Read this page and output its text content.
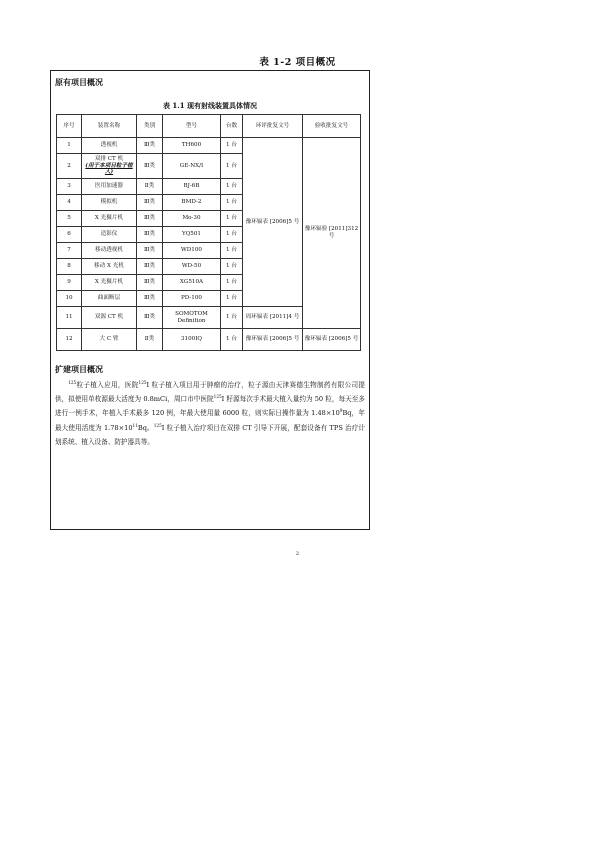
表 1-2 项目概况
原有项目概况
表 1.1 现有射线装置具体情况
序号	装置名称	类别	型号	台数	环评批复文号	验收批复文号
1	透视机	Ⅲ类	TH600	1 台	豫环辐表 [2006]5 号	豫环辐验 [2011]312 号
2	双排 CT 机
(用于本项目粒子植入)	Ⅲ类	GE-NX/I	1 台		
3	医用加速器	Ⅱ类	BJ-6B	1 台		
4	模拟机	Ⅲ类	BMD-2	1 台		
5	X 光摄片机	Ⅲ类	Mo-30	1 台		
6	造影仪	Ⅲ类	YQ501	1 台		
7	移动透视机	Ⅲ类	WD100	1 台		
8	移动 X 光机	Ⅲ类	WD-50	1 台		
9	X 光摄片机	Ⅲ类	XG510A	1 台		
10	曲面断层	Ⅲ类	PD-100	1 台		
11	双源 CT 机	Ⅲ类	SOMOTOM Definition	1 台	周环辐表 [2011]4 号	
12	大 C 臂	Ⅱ类	3100IQ	1 台	豫环辐表 [2006]5 号	豫环辐表 [2006]5 号
扩建项目概况
$^{125}$粒子植入应用，医院$^{125}$I 粒子植入项目用于肿瘤的治疗，粒子源由天津赛德生物制药有限公司提供，拟使用单枚源最大活度为 0.8mCi，周口市中医院$^{125}$I 籽源每次手术最大植入量约为 50 粒，每天至多进行一例手术，年植入手术最多 120 例，年最大使用量 6000 粒，则实际日操作量为 $1.48\times 10^9Bq$，年最大使用活度为 $1.78\times 10^{11}Bq$。$^{125}$I 粒子植入治疗项目在双排 CT 引导下开展，配套设备有 TPS 治疗计划系统、植入设备、防护器具等。
2
